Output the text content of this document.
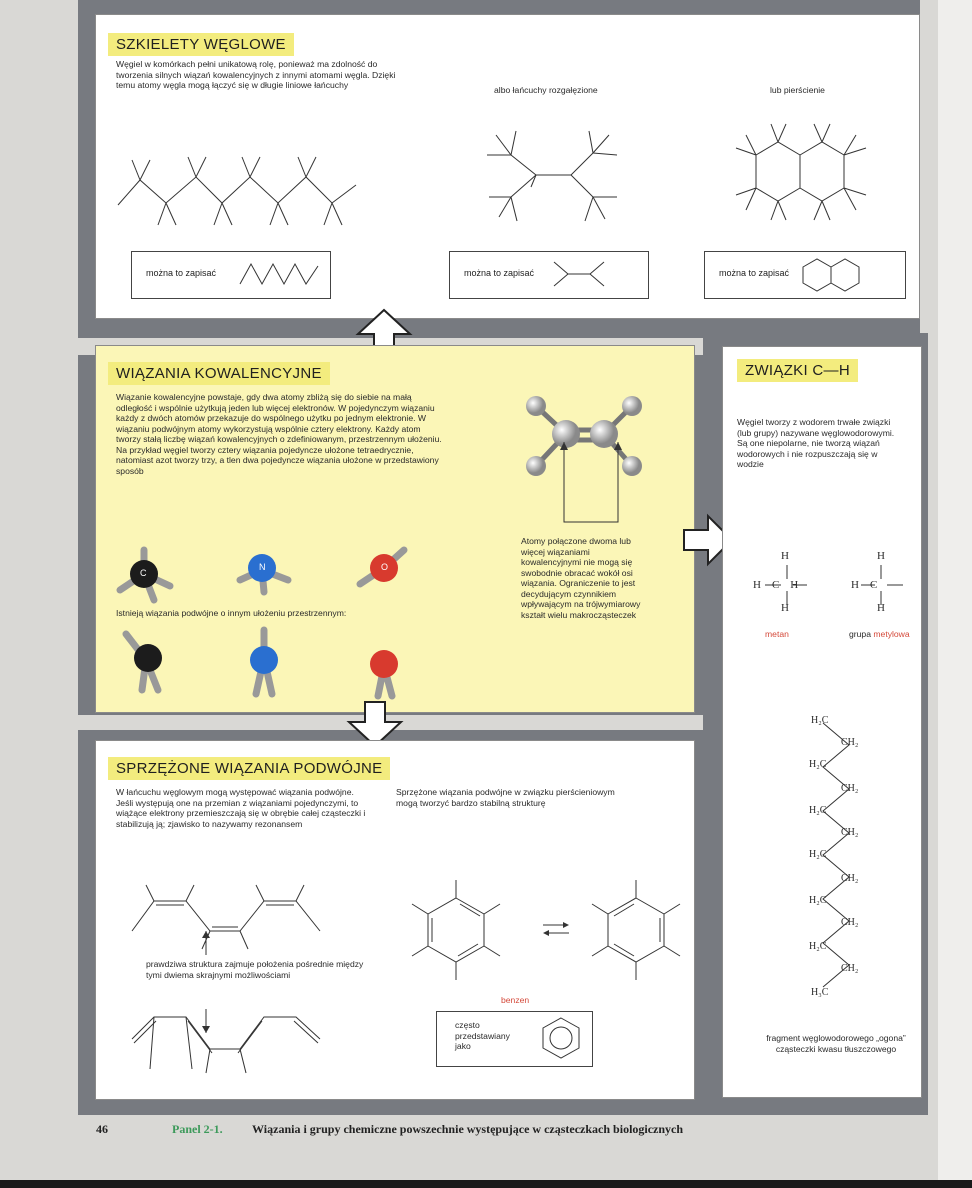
SZKIELETY WĘGLOWE
Węgiel w komórkach pełni unikatową rolę, ponieważ ma zdolność do tworzenia silnych wiązań kowalencyjnych z innymi atomami węgla. Dzięki temu atomy węgla mogą łączyć się w długie liniowe łańcuchy	albo łańcuchy rozgałęzione	lub pierścienie
można to zapisać	można to zapisać	można to zapisać
WIĄZANIA KOWALENCYJNE
Wiązanie kowalencyjne powstaje, gdy dwa atomy zbliżą się do siebie na małą odległość i wspólnie użytkują jeden lub więcej elektronów. W pojedynczym wiązaniu każdy z dwóch atomów przekazuje do wspólnego użytku po jednym elektronie. W wiązaniu podwójnym atomy wykorzystują wspólnie cztery elektrony. Każdy atom tworzy stałą liczbę wiązań kowalencyjnych o zdefiniowanym, przestrzennym ułożeniu. Na przykład węgiel tworzy cztery wiązania pojedyncze ułożone tetraedrycznie, natomiast azot tworzy trzy, a tlen dwa pojedyncze wiązania ułożone w przedstawiony sposób
Atomy połączone dwoma lub więcej wiązaniami kowalencyjnymi nie mogą się swobodnie obracać wokół osi wiązania. Ograniczenie to jest decydującym czynnikiem wpływającym na trójwymiarowy kształt wielu makrocząsteczek
C
N	O
Istnieją wiązania podwójne o innym ułożeniu przestrzennym:
ZWIĄZKI C—H
Węgiel tworzy z wodorem trwałe związki (lub grupy) nazywane węglowodorowymi. Są one niepolarne, nie tworzą wiązań wodorowych i nie rozpuszczają się w wodzie
H
H    C    H
H
H
H    C
H
metan	grupa metylowa
H₂C
CH₂
H₂C
CH₂
H₂C
CH₂
H₂C
CH₂
H₂C
CH₂
H₂C
CH₂
H₃C
fragment węglowodorowego „ogona” cząsteczki kwasu tłuszczowego
SPRZĘŻONE WIĄZANIA PODWÓJNE
W łańcuchu węglowym mogą występować wiązania podwójne. Jeśli występują one na przemian z wiązaniami pojedynczymi, to wiążące elektrony przemieszczają się w obrębie całej cząsteczki i stabilizują ją; zjawisko to nazywamy rezonansem
Sprzężone wiązania podwójne w związku pierścieniowym mogą tworzyć bardzo stabilną strukturę
prawdziwa struktura zajmuje położenia pośrednie między tymi dwiema skrajnymi możliwościami
benzen
często przedstawiany jako
46	Panel 2-1. Wiązania i grupy chemiczne powszechnie występujące w cząsteczkach biologicznych
